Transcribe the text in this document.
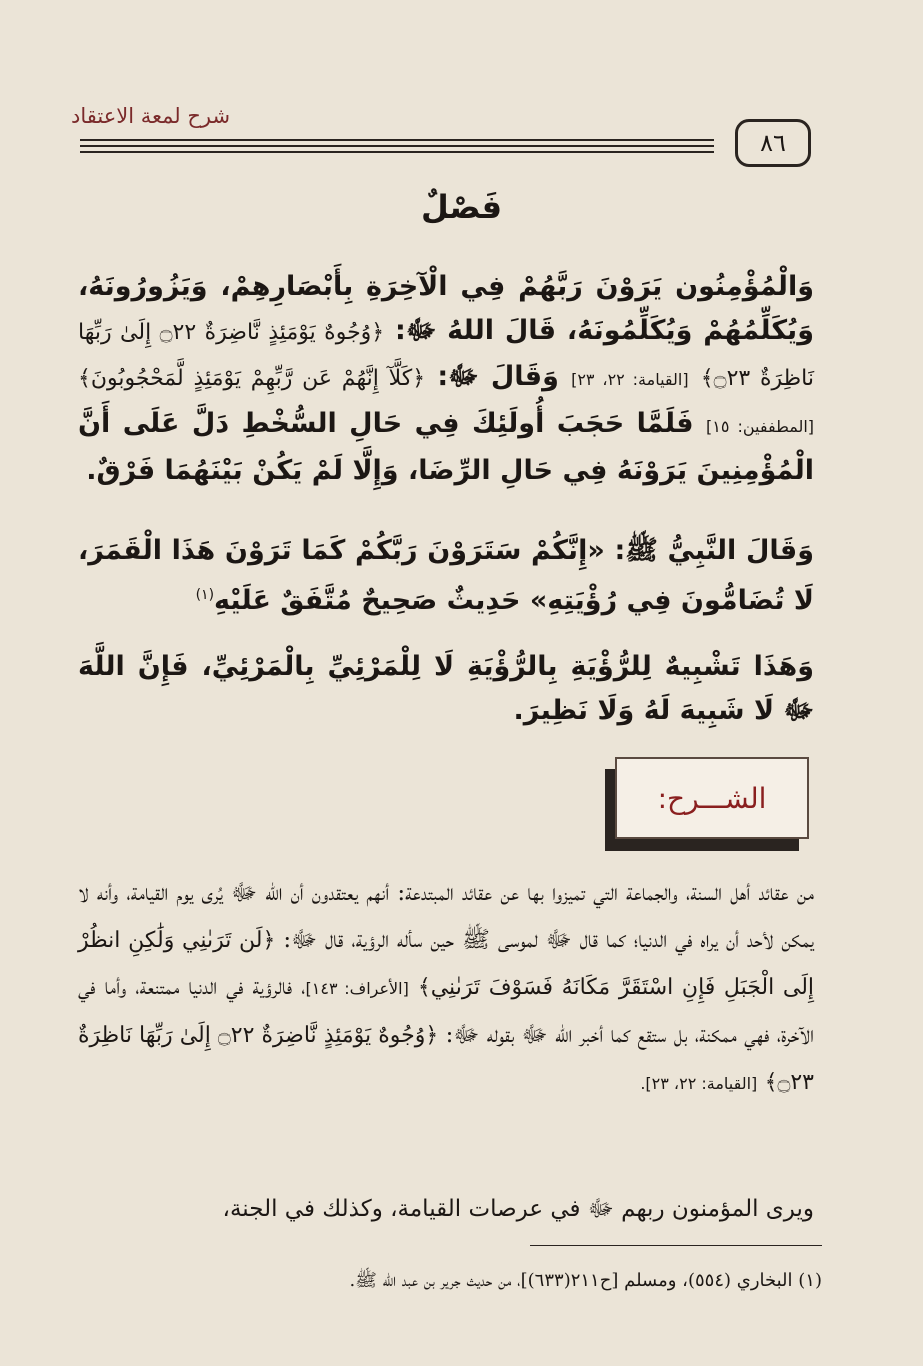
شرح لمعة الاعتقاد
٨٦
فَصْلٌ
وَالْمُؤْمِنُون يَرَوْنَ رَبَّهُمْ فِي الْآخِرَةِ بِأَبْصَارِهِمْ، وَيَزُورُونَهُ، وَيُكَلِّمُهُمْ وَيُكَلِّمُونَهُ، قَالَ اللهُ ﷻ: ﴿وُجُوهٌ يَوْمَئِذٍ نَّاضِرَةٌ ۝٢٢ إِلَىٰ رَبِّهَا نَاظِرَةٌ ۝٢٣﴾ [القيامة: ٢٢، ٢٣] وَقَالَ ﷻ: ﴿كَلَّآ إِنَّهُمْ عَن رَّبِّهِمْ يَوْمَئِذٍ لَّمَحْجُوبُونَ﴾ [المطففين: ١٥] فَلَمَّا حَجَبَ أُولَئِكَ فِي حَالِ السُّخْطِ دَلَّ عَلَى أَنَّ الْمُؤْمِنِينَ يَرَوْنَهُ فِي حَالِ الرِّضَا، وَإِلَّا لَمْ يَكُنْ بَيْنَهُمَا فَرْقٌ.
وَقَالَ النَّبِيُّ ﷺ: «إِنَّكُمْ سَتَرَوْنَ رَبَّكُمْ كَمَا تَرَوْنَ هَذَا الْقَمَرَ، لَا تُضَامُّونَ فِي رُؤْيَتِهِ» حَدِيثٌ صَحِيحٌ مُتَّفَقٌ عَلَيْهِ$^{(١)}$
وَهَذَا تَشْبِيهٌ لِلرُّؤْيَةِ بِالرُّؤْيَةِ لَا لِلْمَرْئِيِّ بِالْمَرْئِيِّ، فَإِنَّ اللَّهَ ﷻ لَا شَبِيهَ لَهُ وَلَا نَظِيرَ.
الشـــرح:
من عقائد أهل السنة، والجماعة التي تميزوا بها عن عقائد المبتدعة: أنهم يعتقدون أن الله ﷻ يُرى يوم القيامة، وأنه لا يمكن لأحد أن يراه في الدنيا؛ كما قال ﷻ لموسى ﷺ حين سأله الرؤية، قال ﷻ: ﴿لَن تَرَىٰنِي وَلَٰكِنِ انظُرْ إِلَى الْجَبَلِ فَإِنِ اسْتَقَرَّ مَكَانَهُ فَسَوْفَ تَرَىٰنِي﴾ [الأعراف: ١٤٣]، فالرؤية في الدنيا ممتنعة، وأما في الآخرة، فهي ممكنة، بل ستقع كما أخبر الله ﷻ بقوله ﷻ: ﴿وُجُوهٌ يَوْمَئِذٍ نَّاضِرَةٌ ۝٢٢ إِلَىٰ رَبِّهَا نَاظِرَةٌ ۝٢٣﴾ [القيامة: ٢٢، ٢٣].
ويرى المؤمنون ربهم ﷻ في عرصات القيامة، وكذلك في الجنة،
(١) البخاري (٥٥٤)، ومسلم [ح٢١١(٦٣٣)]، من حديث جرير بن عبد الله ﷺ.
